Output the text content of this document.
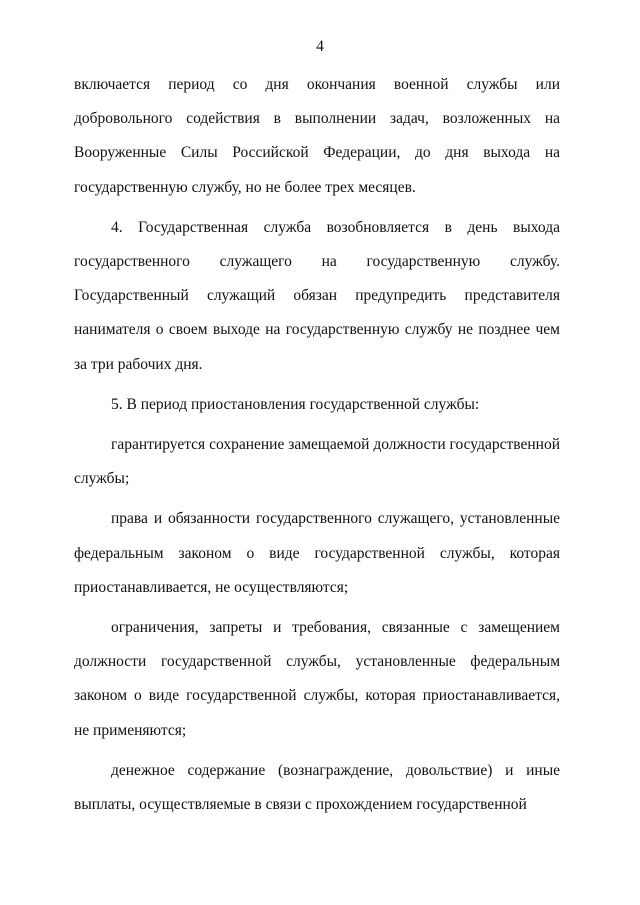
4

включается период со дня окончания военной службы или добровольного содействия в выполнении задач, возложенных на Вооруженные Силы Российской Федерации, до дня выхода на государственную службу, но не более трех месяцев.

4. Государственная служба возобновляется в день выхода государственного служащего на государственную службу. Государственный служащий обязан предупредить представителя нанимателя о своем выходе на государственную службу не позднее чем за три рабочих дня.

5. В период приостановления государственной службы:

гарантируется сохранение замещаемой должности государственной службы;

права и обязанности государственного служащего, установленные федеральным законом о виде государственной службы, которая приостанавливается, не осуществляются;

ограничения, запреты и требования, связанные с замещением должности государственной службы, установленные федеральным законом о виде государственной службы, которая приостанавливается, не применяются;

денежное содержание (вознаграждение, довольствие) и иные выплаты, осуществляемые в связи с прохождением государственной
